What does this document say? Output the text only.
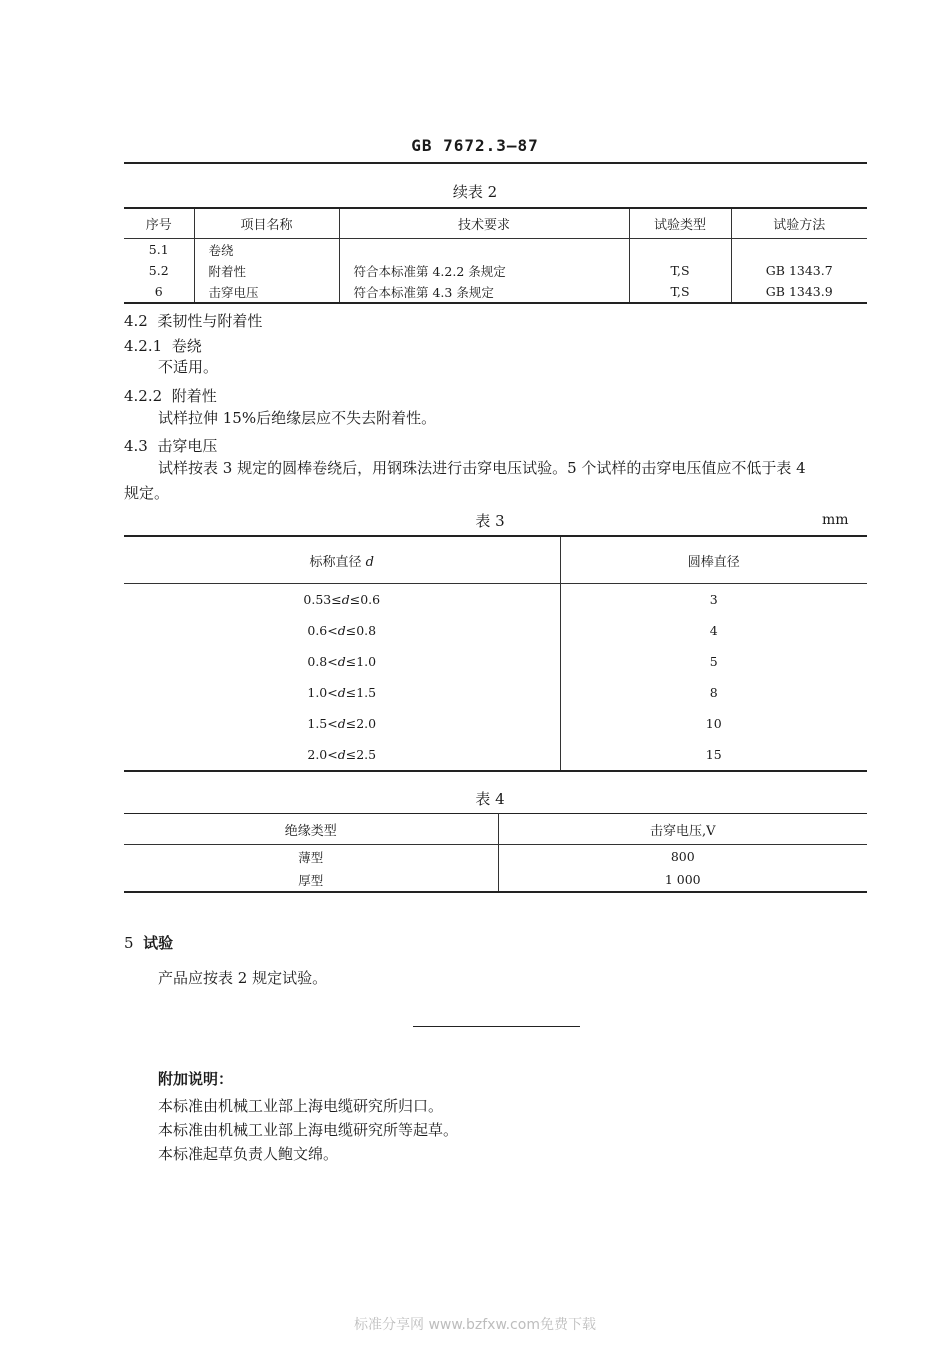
GB 7672.3—87
续表 2
序号	项目名称	技术要求	试验类型	试验方法
5.1	卷绕			
5.2	附着性	符合本标准第 4.2.2 条规定	T,S	GB 1343.7
6	击穿电压	符合本标准第 4.3 条规定	T,S	GB 1343.9
4.2 柔韧性与附着性
4.2.1 卷绕
不适用。
4.2.2 附着性
试样拉伸 15%后绝缘层应不失去附着性。
4.3 击穿电压
试样按表 3 规定的圆棒卷绕后，用钢珠法进行击穿电压试验。5 个试样的击穿电压值应不低于表 4
规定。
表 3	mm
标称直径 d	圆棒直径
0.53≤d≤0.6	3
0.6<d≤0.8	4
0.8<d≤1.0	5
1.0<d≤1.5	8
1.5<d≤2.0	10
2.0<d≤2.5	15
表 4
绝缘类型	击穿电压,V
薄型	800
厚型	1 000
5 试验
产品应按表 2 规定试验。
附加说明：
本标准由机械工业部上海电缆研究所归口。
本标准由机械工业部上海电缆研究所等起草。
本标准起草负责人鲍文绵。
标准分享网 www.bzfxw.com免费下载
